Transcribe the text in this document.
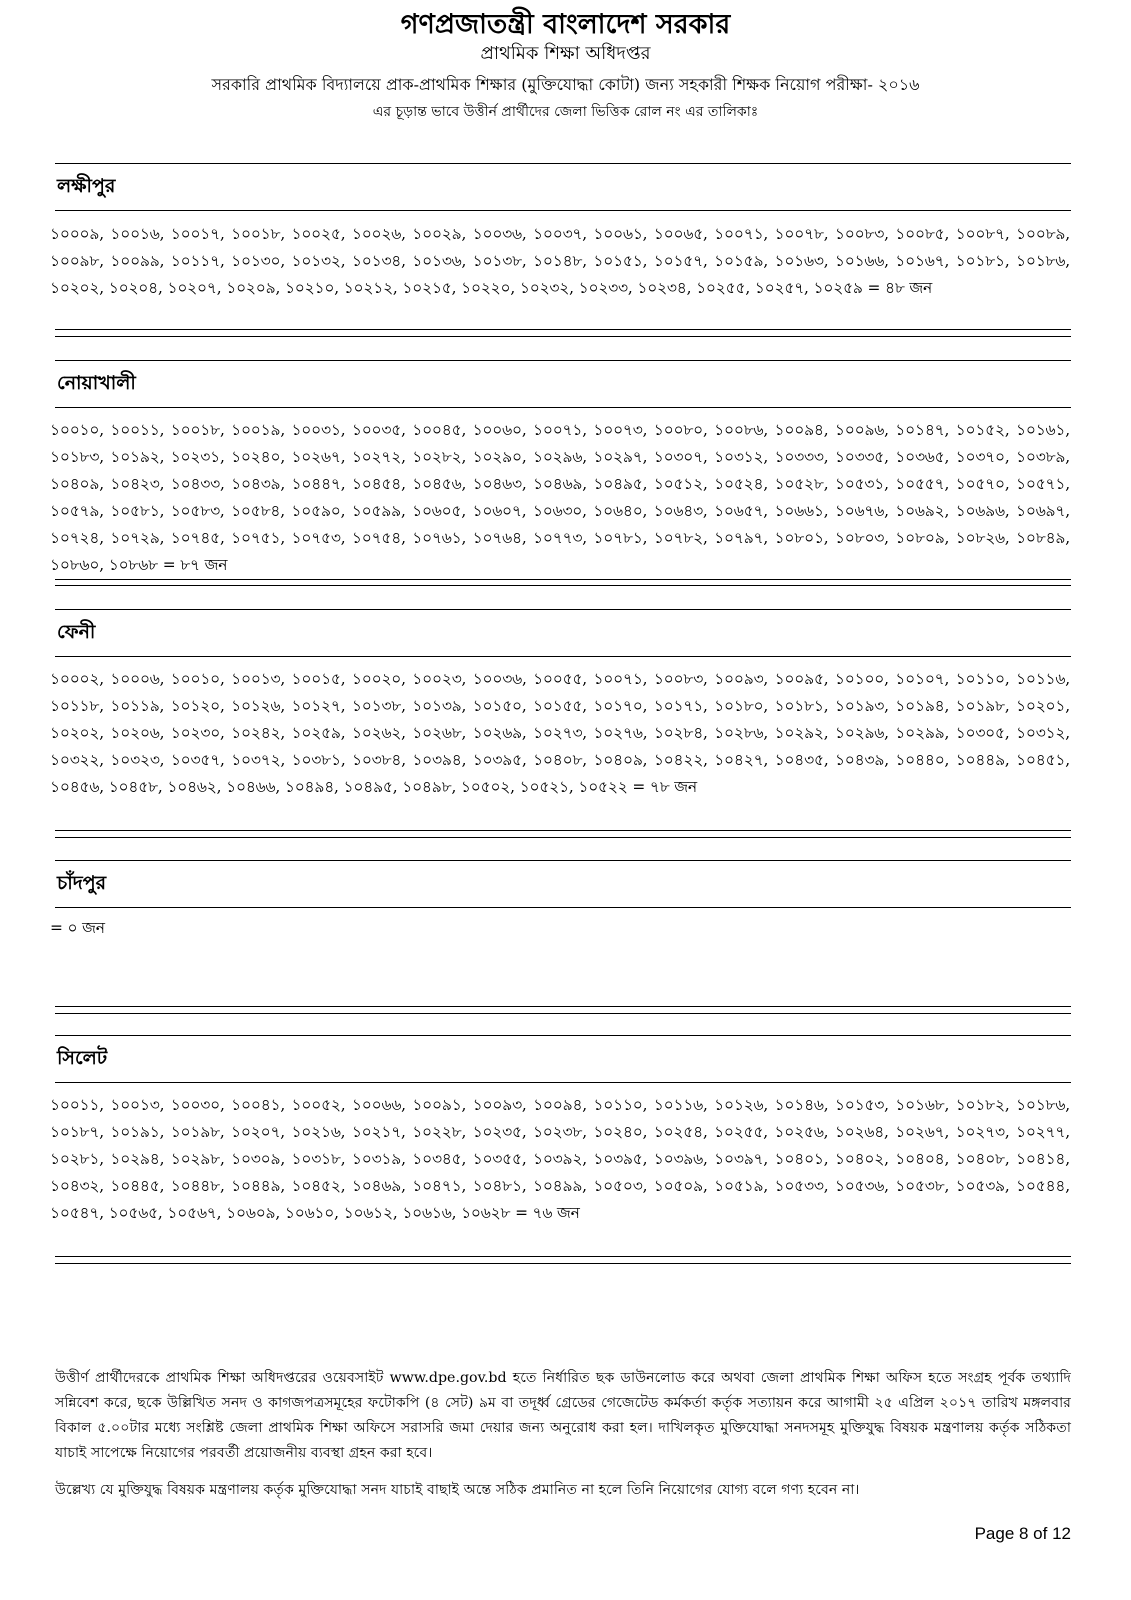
গণপ্রজাতন্ত্রী বাংলাদেশ সরকার
প্রাথমিক শিক্ষা অধিদপ্তর
সরকারি প্রাথমিক বিদ্যালয়ে প্রাক-প্রাথমিক শিক্ষার (মুক্তিযোদ্ধা কোটা) জন্য সহকারী শিক্ষক নিয়োগ পরীক্ষা- ২০১৬
এর চূড়ান্ত ভাবে উত্তীর্ন প্রার্থীদের জেলা ভিত্তিক রোল নং এর তালিকাঃ
লক্ষীপুর
১০০০৯, ১০০১৬, ১০০১৭, ১০০১৮, ১০০২৫, ১০০২৬, ১০০২৯, ১০০৩৬, ১০০৩৭, ১০০৬১, ১০০৬৫, ১০০৭১, ১০০৭৮, ১০০৮৩, ১০০৮৫, ১০০৮৭, ১০০৮৯, ১০০৯৮, ১০০৯৯, ১০১১৭, ১০১৩০, ১০১৩২, ১০১৩৪, ১০১৩৬, ১০১৩৮, ১০১৪৮, ১০১৫১, ১০১৫৭, ১০১৫৯, ১০১৬৩, ১০১৬৬, ১০১৬৭, ১০১৮১, ১০১৮৬, ১০২০২, ১০২০৪, ১০২০৭, ১০২০৯, ১০২১০, ১০২১২, ১০২১৫, ১০২২০, ১০২৩২, ১০২৩৩, ১০২৩৪, ১০২৫৫, ১০২৫৭, ১০২৫৯ = ৪৮ জন
নোয়াখালী
১০০১০, ১০০১১, ১০০১৮, ১০০১৯, ১০০৩১, ১০০৩৫, ১০০৪৫, ১০০৬০, ১০০৭১, ১০০৭৩, ১০০৮০, ১০০৮৬, ১০০৯৪, ১০০৯৬, ১০১৪৭, ১০১৫২, ১০১৬১, ১০১৮৩, ১০১৯২, ১০২৩১, ১০২৪০, ১০২৬৭, ১০২৭২, ১০২৮২, ১০২৯০, ১০২৯৬, ১০২৯৭, ১০৩০৭, ১০৩১২, ১০৩৩৩, ১০৩৩৫, ১০৩৬৫, ১০৩৭০, ১০৩৮৯, ১০৪০৯, ১০৪২৩, ১০৪৩৩, ১০৪৩৯, ১০৪৪৭, ১০৪৫৪, ১০৪৫৬, ১০৪৬৩, ১০৪৬৯, ১০৪৯৫, ১০৫১২, ১০৫২৪, ১০৫২৮, ১০৫৩১, ১০৫৫৭, ১০৫৭০, ১০৫৭১, ১০৫৭৯, ১০৫৮১, ১০৫৮৩, ১০৫৮৪, ১০৫৯০, ১০৫৯৯, ১০৬০৫, ১০৬০৭, ১০৬৩০, ১০৬৪০, ১০৬৪৩, ১০৬৫৭, ১০৬৬১, ১০৬৭৬, ১০৬৯২, ১০৬৯৬, ১০৬৯৭, ১০৭২৪, ১০৭২৯, ১০৭৪৫, ১০৭৫১, ১০৭৫৩, ১০৭৫৪, ১০৭৬১, ১০৭৬৪, ১০৭৭৩, ১০৭৮১, ১০৭৮২, ১০৭৯৭, ১০৮০১, ১০৮০৩, ১০৮০৯, ১০৮২৬, ১০৮৪৯, ১০৮৬০, ১০৮৬৮ = ৮৭ জন
ফেনী
১০০০২, ১০০০৬, ১০০১০, ১০০১৩, ১০০১৫, ১০০২০, ১০০২৩, ১০০৩৬, ১০০৫৫, ১০০৭১, ১০০৮৩, ১০০৯৩, ১০০৯৫, ১০১০০, ১০১০৭, ১০১১০, ১০১১৬, ১০১১৮, ১০১১৯, ১০১২০, ১০১২৬, ১০১২৭, ১০১৩৮, ১০১৩৯, ১০১৫০, ১০১৫৫, ১০১৭০, ১০১৭১, ১০১৮০, ১০১৮১, ১০১৯৩, ১০১৯৪, ১০১৯৮, ১০২০১, ১০২০২, ১০২০৬, ১০২৩০, ১০২৪২, ১০২৫৯, ১০২৬২, ১০২৬৮, ১০২৬৯, ১০২৭৩, ১০২৭৬, ১০২৮৪, ১০২৮৬, ১০২৯২, ১০২৯৬, ১০২৯৯, ১০৩০৫, ১০৩১২, ১০৩২২, ১০৩২৩, ১০৩৫৭, ১০৩৭২, ১০৩৮১, ১০৩৮৪, ১০৩৯৪, ১০৩৯৫, ১০৪০৮, ১০৪০৯, ১০৪২২, ১০৪২৭, ১০৪৩৫, ১০৪৩৯, ১০৪৪০, ১০৪৪৯, ১০৪৫১, ১০৪৫৬, ১০৪৫৮, ১০৪৬২, ১০৪৬৬, ১০৪৯৪, ১০৪৯৫, ১০৪৯৮, ১০৫০২, ১০৫২১, ১০৫২২ = ৭৮ জন
চাঁদপুর
= ০ জন
সিলেট
১০০১১, ১০০১৩, ১০০৩০, ১০০৪১, ১০০৫২, ১০০৬৬, ১০০৯১, ১০০৯৩, ১০০৯৪, ১০১১০, ১০১১৬, ১০১২৬, ১০১৪৬, ১০১৫৩, ১০১৬৮, ১০১৮২, ১০১৮৬, ১০১৮৭, ১০১৯১, ১০১৯৮, ১০২০৭, ১০২১৬, ১০২১৭, ১০২২৮, ১০২৩৫, ১০২৩৮, ১০২৪০, ১০২৫৪, ১০২৫৫, ১০২৫৬, ১০২৬৪, ১০২৬৭, ১০২৭৩, ১০২৭৭, ১০২৮১, ১০২৯৪, ১০২৯৮, ১০৩০৯, ১০৩১৮, ১০৩১৯, ১০৩৪৫, ১০৩৫৫, ১০৩৯২, ১০৩৯৫, ১০৩৯৬, ১০৩৯৭, ১০৪০১, ১০৪০২, ১০৪০৪, ১০৪০৮, ১০৪১৪, ১০৪৩২, ১০৪৪৫, ১০৪৪৮, ১০৪৪৯, ১০৪৫২, ১০৪৬৯, ১০৪৭১, ১০৪৮১, ১০৪৯৯, ১০৫০৩, ১০৫০৯, ১০৫১৯, ১০৫৩৩, ১০৫৩৬, ১০৫৩৮, ১০৫৩৯, ১০৫৪৪, ১০৫৪৭, ১০৫৬৫, ১০৫৬৭, ১০৬০৯, ১০৬১০, ১০৬১২, ১০৬১৬, ১০৬২৮ = ৭৬ জন
উত্তীর্ণ প্রার্থীদেরকে প্রাথমিক শিক্ষা অধিদপ্তরের ওয়েবসাইট www.dpe.gov.bd হতে নির্ধারিত ছক ডাউনলোড করে অথবা জেলা প্রাথমিক শিক্ষা অফিস হতে সংগ্রহ পূর্বক তথ্যাদি সন্নিবেশ করে, ছকে উল্লিখিত সনদ ও কাগজপত্রসমূহের ফটোকপি (৪ সেট) ৯ম বা তদূর্ধ্ব গ্রেডের গেজেটেড কর্মকর্তা কর্তৃক সত্যায়ন করে আগামী ২৫ এপ্রিল ২০১৭ তারিখ মঙ্গলবার বিকাল ৫.০০টার মধ্যে সংশ্লিষ্ট জেলা প্রাথমিক শিক্ষা অফিসে সরাসরি জমা দেয়ার জন্য অনুরোধ করা হল। দাখিলকৃত মুক্তিযোদ্ধা সনদসমূহ মুক্তিযুদ্ধ বিষয়ক মন্ত্রণালয় কর্তৃক সঠিকতা যাচাই সাপেক্ষে নিয়োগের পরবর্তী প্রয়োজনীয় ব্যবস্থা গ্রহন করা হবে।
উল্লেখ্য যে মুক্তিযুদ্ধ বিষয়ক মন্ত্রণালয় কর্তৃক মুক্তিযোদ্ধা সনদ যাচাই বাছাই অন্তে সঠিক প্রমানিত না হলে তিনি নিয়োগের যোগ্য বলে গণ্য হবেন না।
Page 8 of 12
